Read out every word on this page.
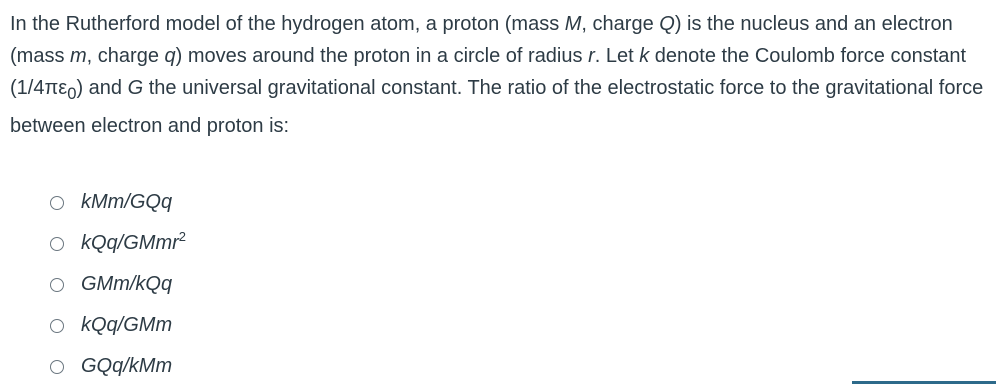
In the Rutherford model of the hydrogen atom, a proton (mass M, charge Q) is the nucleus and an electron (mass m, charge q) moves around the proton in a circle of radius r. Let k denote the Coulomb force constant $(1/4\pi\varepsilon_0)$ and G the universal gravitational constant. The ratio of the electrostatic force to the gravitational force between electron and proton is:
kMm/GQq
kQq/GMmr$^2$
GMm/kQq
kQq/GMm
GQq/kMm
